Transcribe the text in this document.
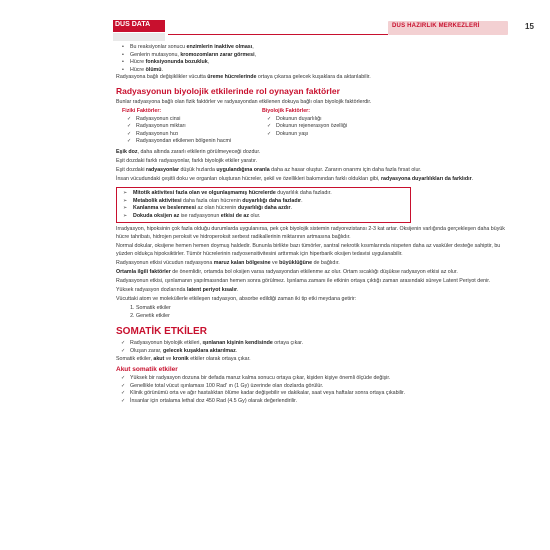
DUS DATA	DUS HAZIRLIK MERKEZLERİ	15
• Bu reaksiyonlar sonucu enzimlerin inaktive olması,
• Genlerin mutasyonu, kromozomların zarar görmesi,
• Hücre fonksiyonunda bozukluk,
• Hücre ölümü.

Radyasyona bağlı değişiklikler vücutta üreme hücrelerinde ortaya çıkarsa gelecek kuşaklara da aktarılabilir.

Radyasyonun biyolojik etkilerinde rol oynayan faktörler

Bunlar radyasyona bağlı olan fizik faktörler ve radyasyondan etkilenen dokuya bağlı olan biyolojik faktörlerdir.

Fiziki Faktörler:
✓ Radyasyonun cinsi
✓ Radyasyonun miktarı
✓ Radyasyonun hızı
✓ Radyasyondan etkilenen bölgenin hacmi
Biyolojik Faktörler:
✓ Dokunun duyarlılığı
✓ Dokunun rejenerasyon özelliği
✓ Dokunun yaşı

Eşik doz, daha altında zararlı etkilerin görülmeyeceği dozdur.

Eşit dozdaki farklı radyasyonlar, farklı biyolojik etkiler yaratır.

Eşit dozdaki radyasyonlar düşük hızlarda uygulandığına oranla daha az hasar oluştur. Zararın onarımı için daha fazla fırsat olur.

İnsan vücudundaki çeşitli doku ve organları oluşturan hücreler, şekil ve özellikleri bakımından farklı oldukları gibi, radyasyona duyarlılıkları da farklıdır.

➢ Mitotik aktivitesi fazla olan ve olgunlaşmamış hücrelerde duyarlılık daha fazladır.
➢ Metabolik aktivitesi daha fazla olan hücrenin duyarlılığı daha fazladır.
➢ Kanlanma ve beslenmesi az olan hücrenin duyarlılığı daha azdır.
➢ Dokuda oksijen az ise radyasyonun etkisi de az olur.

Irradyasyon, hipoksinin çok fazla olduğu durumlarda uygulanırsa, pek çok biyolojik sistemin radyorezistansı 2-3 kat artar. Oksijenin varlığında gerçekleşen daha büyük hücre tahribatı, hidrojen peroksit ve hidroperoksit serbest radikallerinin miktarının artmasına bağlıdır.

Normal dokular, oksijene hemen hemen doymuş haldedir. Bununla birlikte bazı tümörler, santral nekrotik kısımlarında nispeten daha az vasküler desteğe sahiptir, bu yüzden oldukça hipoksiktirler. Tümör hücrelerinin radyosensitivitesini arttırmak için hiperbarik oksijen tedavisi uygulanabilir.

Radyasyonun etkisi vücudun radyasyona maruz kalan bölgesine ve büyüklüğüne de bağlıdır.

Ortamla ilgili faktörler de önemlidir, ortamda bol oksijen varsa radyasyondan etkilenme az olur. Ortam sıcaklığı düşükse radyasyon etkisi az olur.

Radyasyonun etkisi, ışınlamanın yapılmasından hemen sonra görülmez. Işınlama zamanı ile etkinin ortaya çıktığı zaman arasındaki süreye Latent Periyot denir.

Yüksek radyasyon dozlarında latent periyot kısalır.

Vücuttaki atom ve moleküllerle etkileşen radyasyon, absorbe edildiği zaman iki tip etki meydana getirir:

1. Somatik etkiler
2. Genetik etkiler
SOMATİK ETKİLER
✓ Radyasyonun biyolojik etkileri, ışınlanan kişinin kendisinde ortaya çıkar.
✓ Oluşan zarar, gelecek kuşaklara aktarılmaz.

Somatik etkiler, akut ve kronik etkiler olarak ortaya çıkar.

Akut somatik etkiler
✓ Yüksek bir radyasyon dozuna bir defada maruz kalma sonucu ortaya çıkar, kişiden kişiye önemli ölçüde değişir.
✓ Genellikle total vücut ışınlaması 100 Rad' ın (1 Gy) üzerinde olan dozlarda görülür.
✓ Klinik görünümü orta ve ağır hastalıktan ölüme kadar değişebilir ve dakikalar, saat veya haftalar sonra ortaya çıkabilir.
✓ İnsanlar için ortalama lethal doz 450 Rad (4.5 Gy) olarak değerlendirilir.
